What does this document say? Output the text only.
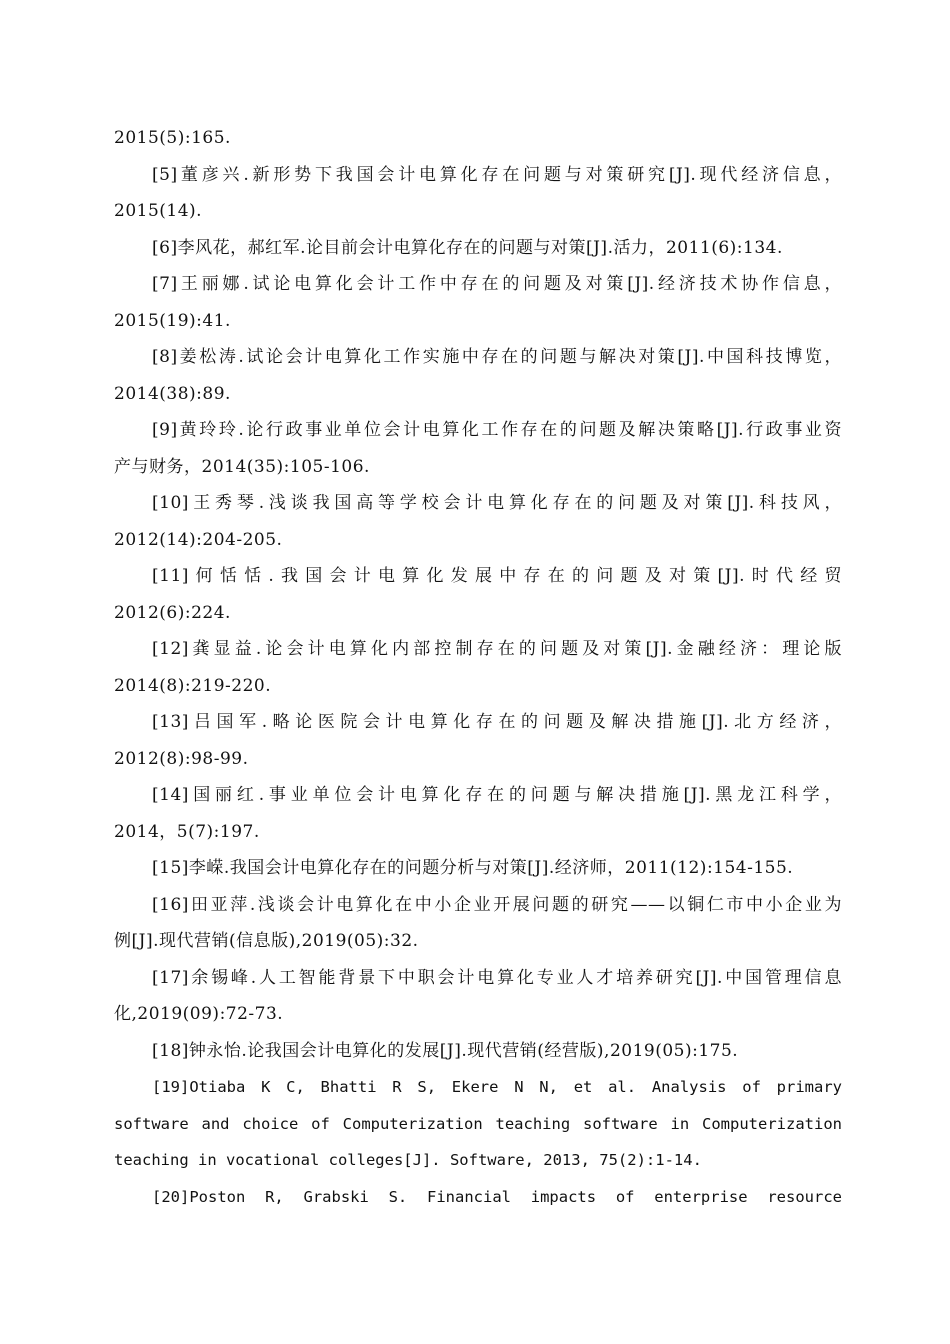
2015(5):165.
[5]董彦兴.新形势下我国会计电算化存在问题与对策研究[J].现代经济信息，
2015(14).
[6]李风花，郝红军.论目前会计电算化存在的问题与对策[J].活力，2011(6):134.
[7]王丽娜.试论电算化会计工作中存在的问题及对策[J].经济技术协作信息，
2015(19):41.
[8]姜松涛.试论会计电算化工作实施中存在的问题与解决对策[J].中国科技博览，
2014(38):89.
[9]黄玲玲.论行政事业单位会计电算化工作存在的问题及解决策略[J].行政事业资
产与财务，2014(35):105-106.
[10]王秀琴.浅谈我国高等学校会计电算化存在的问题及对策[J].科技风，
2012(14):204-205.
[11]何恬恬.我国会计电算化发展中存在的问题及对策[J].时代经贸
2012(6):224.
[12]龚显益.论会计电算化内部控制存在的问题及对策[J].金融经济：理论版
2014(8):219-220.
[13]吕国军.略论医院会计电算化存在的问题及解决措施[J].北方经济，
2012(8):98-99.
[14]国丽红.事业单位会计电算化存在的问题与解决措施[J].黑龙江科学，
2014，5(7):197.
[15]李嵘.我国会计电算化存在的问题分析与对策[J].经济师，2011(12):154-155.
[16]田亚萍.浅谈会计电算化在中小企业开展问题的研究——以铜仁市中小企业为
例[J].现代营销(信息版),2019(05):32.
[17]余锡峰.人工智能背景下中职会计电算化专业人才培养研究[J].中国管理信息
化,2019(09):72-73.
[18]钟永怡.论我国会计电算化的发展[J].现代营销(经营版),2019(05):175.
[19]Otiaba K C, Bhatti R S, Ekere N N, et al. Analysis of primary
software and choice of Computerization teaching software in Computerization
teaching in vocational colleges[J]. Software, 2013, 75(2):1-14.
[20]Poston R, Grabski S. Financial impacts of enterprise resource
